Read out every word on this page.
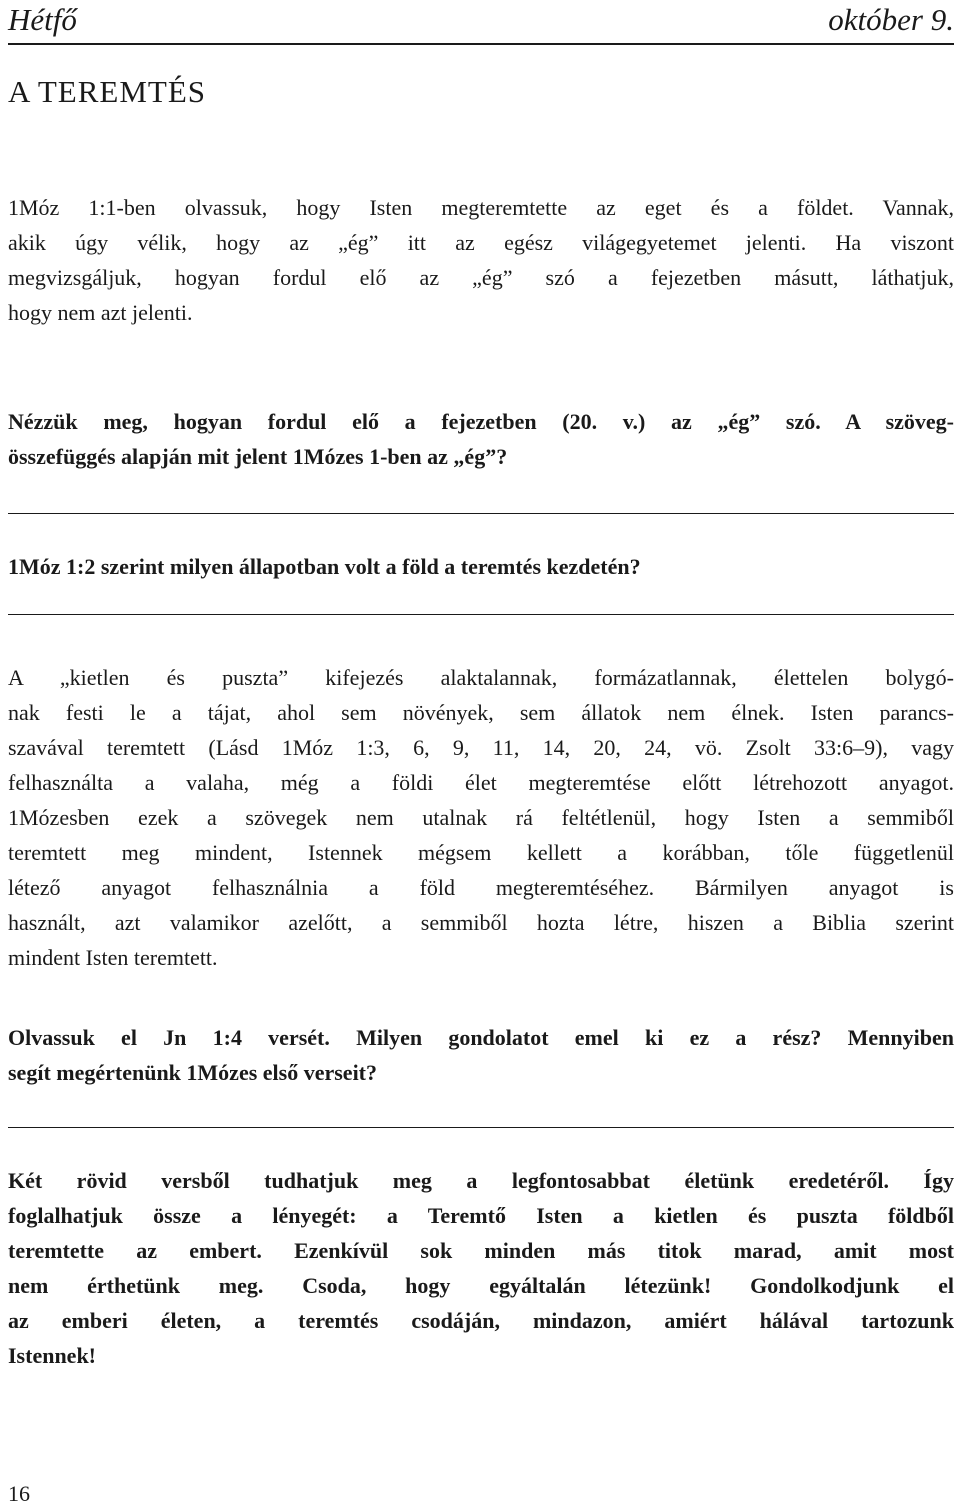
Hétfő	október 9.
A TEREMTÉS
1Móz 1:1-ben olvassuk, hogy Isten megteremtette az eget és a földet. Vannak,
akik úgy vélik, hogy az „ég” itt az egész világegyetemet jelenti. Ha viszont
megvizsgáljuk, hogyan fordul elő az „ég” szó a fejezetben másutt, láthatjuk,
hogy nem azt jelenti.
Nézzük meg, hogyan fordul elő a fejezetben (20. v.) az „ég” szó. A szöveg-
összefüggés alapján mit jelent 1Mózes 1-ben az „ég”?
1Móz 1:2 szerint milyen állapotban volt a föld a teremtés kezdetén?
A „kietlen és puszta” kifejezés alaktalannak, formázatlannak, élettelen bolygó-
nak festi le a tájat, ahol sem növények, sem állatok nem élnek. Isten parancs-
szavával teremtett (Lásd 1Móz 1:3, 6, 9, 11, 14, 20, 24, vö. Zsolt 33:6–9), vagy
felhasználta a valaha, még a földi élet megteremtése előtt létrehozott anyagot.
1Mózesben ezek a szövegek nem utalnak rá feltétlenül, hogy Isten a semmiből
teremtett meg mindent, Istennek mégsem kellett a korábban, tőle függetlenül
létező anyagot felhasználnia a föld megteremtéséhez. Bármilyen anyagot is
használt, azt valamikor azelőtt, a semmiből hozta létre, hiszen a Biblia szerint
mindent Isten teremtett.
Olvassuk el Jn 1:4 versét. Milyen gondolatot emel ki ez a rész? Mennyiben
segít megértenünk 1Mózes első verseit?
Két rövid versből tudhatjuk meg a legfontosabbat életünk eredetéről. Így
foglalhatjuk össze a lényegét: a Teremtő Isten a kietlen és puszta földből
teremtette az embert. Ezenkívül sok minden más titok marad, amit most
nem érthetünk meg. Csoda, hogy egyáltalán létezünk! Gondolkodjunk el
az emberi életen, a teremtés csodáján, mindazon, amiért hálával tartozunk
Istennek!
16
